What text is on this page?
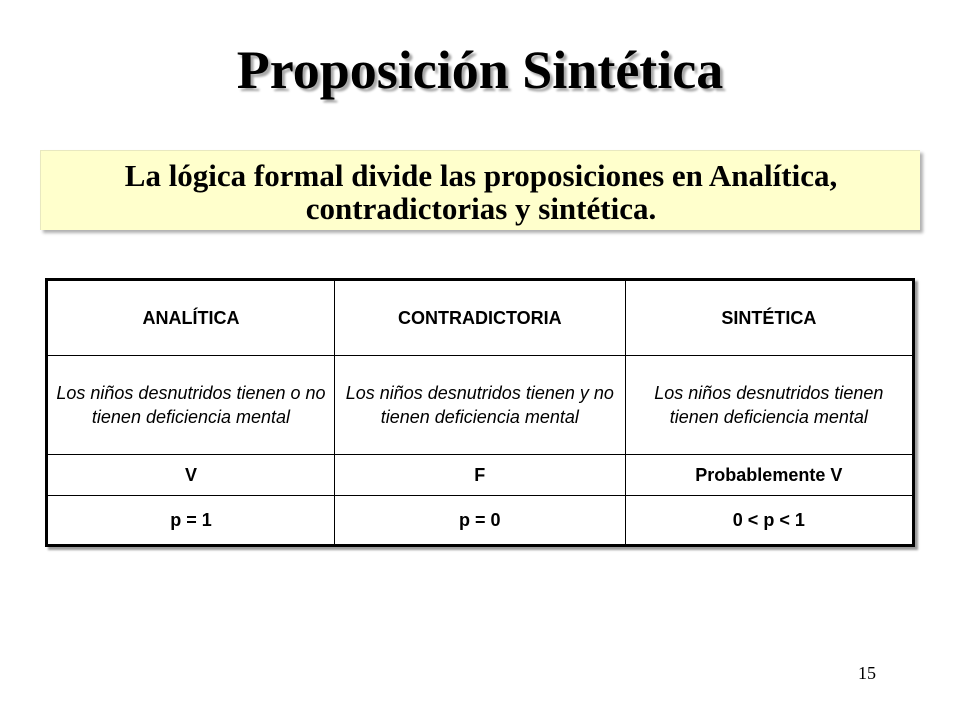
Proposición Sintética

La lógica formal divide las proposiciones en Analítica,
contradictorias y sintética.

ANALÍTICA	CONTRADICTORIA	SINTÉTICA
Los niños desnutridos tienen o no tienen deficiencia mental	Los niños desnutridos tienen y no tienen deficiencia mental	Los niños desnutridos tienen tienen deficiencia mental
V	F	Probablemente V
p = 1	p = 0	0 < p < 1
15
